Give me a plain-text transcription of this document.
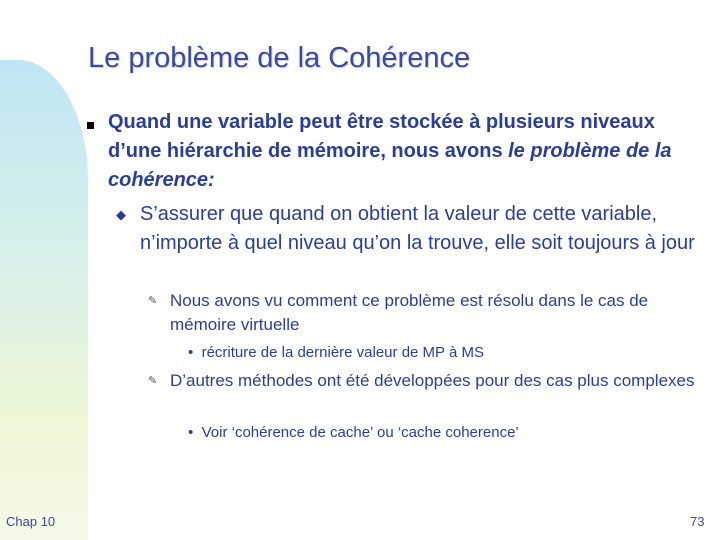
Le problème de la Cohérence
Quand une variable peut être stockée à plusieurs niveaux d’une hiérarchie de mémoire, nous avons le problème de la cohérence:
◆ S’assurer que quand on obtient la valeur de cette variable, n’importe à quel niveau qu’on la trouve, elle soit toujours à jour
✎ Nous avons vu comment ce problème est résolu dans le cas de mémoire virtuelle
•  récriture de la dernière valeur de MP à MS
✎ D’autres méthodes ont été développées pour des cas plus complexes
•  Voir ‘cohérence de cache’ ou ‘cache coherence’
Chap 10	73
